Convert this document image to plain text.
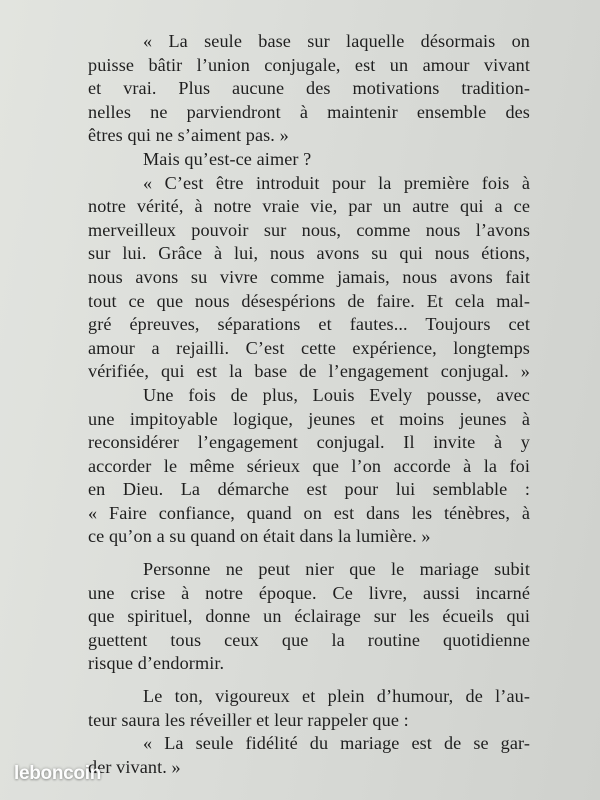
« La seule base sur laquelle désormais on
puisse bâtir l’union conjugale, est un amour vivant
et vrai. Plus aucune des motivations tradition-
nelles ne parviendront à maintenir ensemble des
êtres qui ne s’aiment pas. »
Mais qu’est-ce aimer ?
« C’est être introduit pour la première fois à
notre vérité, à notre vraie vie, par un autre qui a ce
merveilleux pouvoir sur nous, comme nous l’avons
sur lui. Grâce à lui, nous avons su qui nous étions,
nous avons su vivre comme jamais, nous avons fait
tout ce que nous désespérions de faire. Et cela mal-
gré épreuves, séparations et fautes... Toujours cet
amour a rejailli. C’est cette expérience, longtemps
vérifiée, qui est la base de l’engagement conjugal. »
Une fois de plus, Louis Evely pousse, avec
une impitoyable logique, jeunes et moins jeunes à
reconsidérer l’engagement conjugal. Il invite à y
accorder le même sérieux que l’on accorde à la foi
en Dieu. La démarche est pour lui semblable :
« Faire confiance, quand on est dans les ténèbres, à
ce qu’on a su quand on était dans la lumière. »
Personne ne peut nier que le mariage subit
une crise à notre époque. Ce livre, aussi incarné
que spirituel, donne un éclairage sur les écueils qui
guettent tous ceux que la routine quotidienne
risque d’endormir.
Le ton, vigoureux et plein d’humour, de l’au-
teur saura les réveiller et leur rappeler que :
« La seule fidélité du mariage est de se gar-
der vivant. »
leboncoin
